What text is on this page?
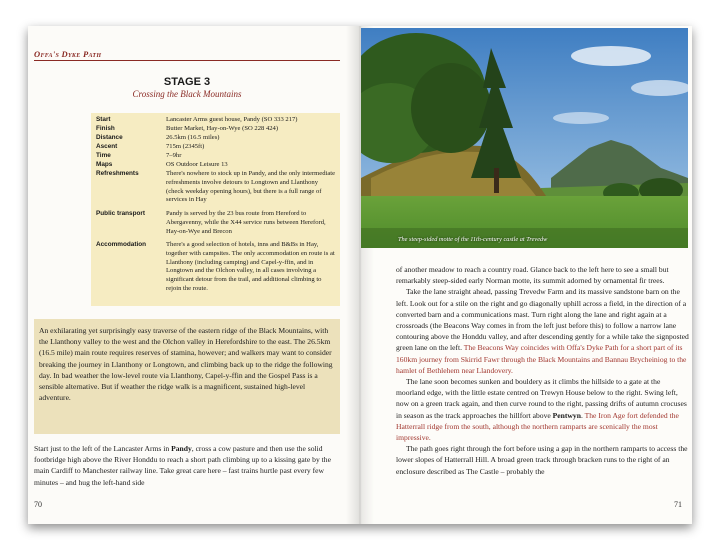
Offa's Dyke Path
STAGE 3
Crossing the Black Mountains
Start	Lancaster Arms guest house, Pandy (SO 333 217)
Finish	Butter Market, Hay-on-Wye (SO 228 424)
Distance	26.5km (16.5 miles)
Ascent	715m (2345ft)
Time	7–9hr
Maps	OS Outdoor Leisure 13
Refreshments	There's nowhere to stock up in Pandy, and the only intermediate refreshments involve detours to Longtown and Llanthony (check weekday opening hours), but there is a full range of services in Hay
Public transport	Pandy is served by the 23 bus route from Hereford to Abergavenny, while the X44 service runs between Hereford, Hay-on-Wye and Brecon
Accommodation	There's a good selection of hotels, inns and B&Bs in Hay, together with campsites. The only accommodation en route is at Llanthony (including camping) and Capel-y-ffin, and in Longtown and the Olchon valley, in all cases involving a significant detour from the trail, and additional climbing to rejoin the route.

An exhilarating yet surprisingly easy traverse of the eastern ridge of the Black Mountains, with the Llanthony valley to the west and the Olchon valley in Herefordshire to the east. The 26.5km (16.5 mile) main route requires reserves of stamina, however; and walkers may want to consider breaking the journey in Llanthony or Longtown, and climbing back up to the ridge the following day. In bad weather the low-level route via Llanthony, Capel-y-ffin and the Gospel Pass is a sensible alternative. But if weather the ridge walk is a magnificent, sustained high-level adventure.

Start just to the left of the Lancaster Arms in Pandy, cross a cow pasture and then use the solid footbridge high above the River Honddu to reach a short path climbing up to a kissing gate by the main Cardiff to Manchester railway line. Take great care here – fast trains hurtle past every few minutes – and hug the left-hand side

70
The steep-sided motte of the 11th-century castle at Trevedw

of another meadow to reach a country road. Glance back to the left here to see a small but remarkably steep-sided early Norman motte, its summit adorned by ornamental fir trees.

Take the lane straight ahead, passing Trevedw Farm and its massive sandstone barn on the left. Look out for a stile on the right and go diagonally uphill across a field, in the direction of a converted barn and a communications mast. Turn right along the lane and right again at a crossroads (the Beacons Way comes in from the left just before this) to follow a narrow lane contouring above the Honddu valley, and after descending gently for a while take the signposted green lane on the left. The Beacons Way coincides with Offa's Dyke Path for a short part of its 160km journey from Skirrid Fawr through the Black Mountains and Bannau Brycheiniog to the hamlet of Bethlehem near Llandovery.

The lane soon becomes sunken and bouldery as it climbs the hillside to a gate at the moorland edge, with the little estate centred on Trewyn House below to the right. Swing left, now on a green track again, and then curve round to the right, passing drifts of autumn crocuses in season as the track approaches the hillfort above Pentwyn. The Iron Age fort defended the Hatterrall ridge from the south, although the northern ramparts are scenically the most impressive.

The path goes right through the fort before using a gap in the northern ramparts to access the lower slopes of Hatterrall Hill. A broad green track through bracken runs to the right of an enclosure described as The Castle – probably the

71
